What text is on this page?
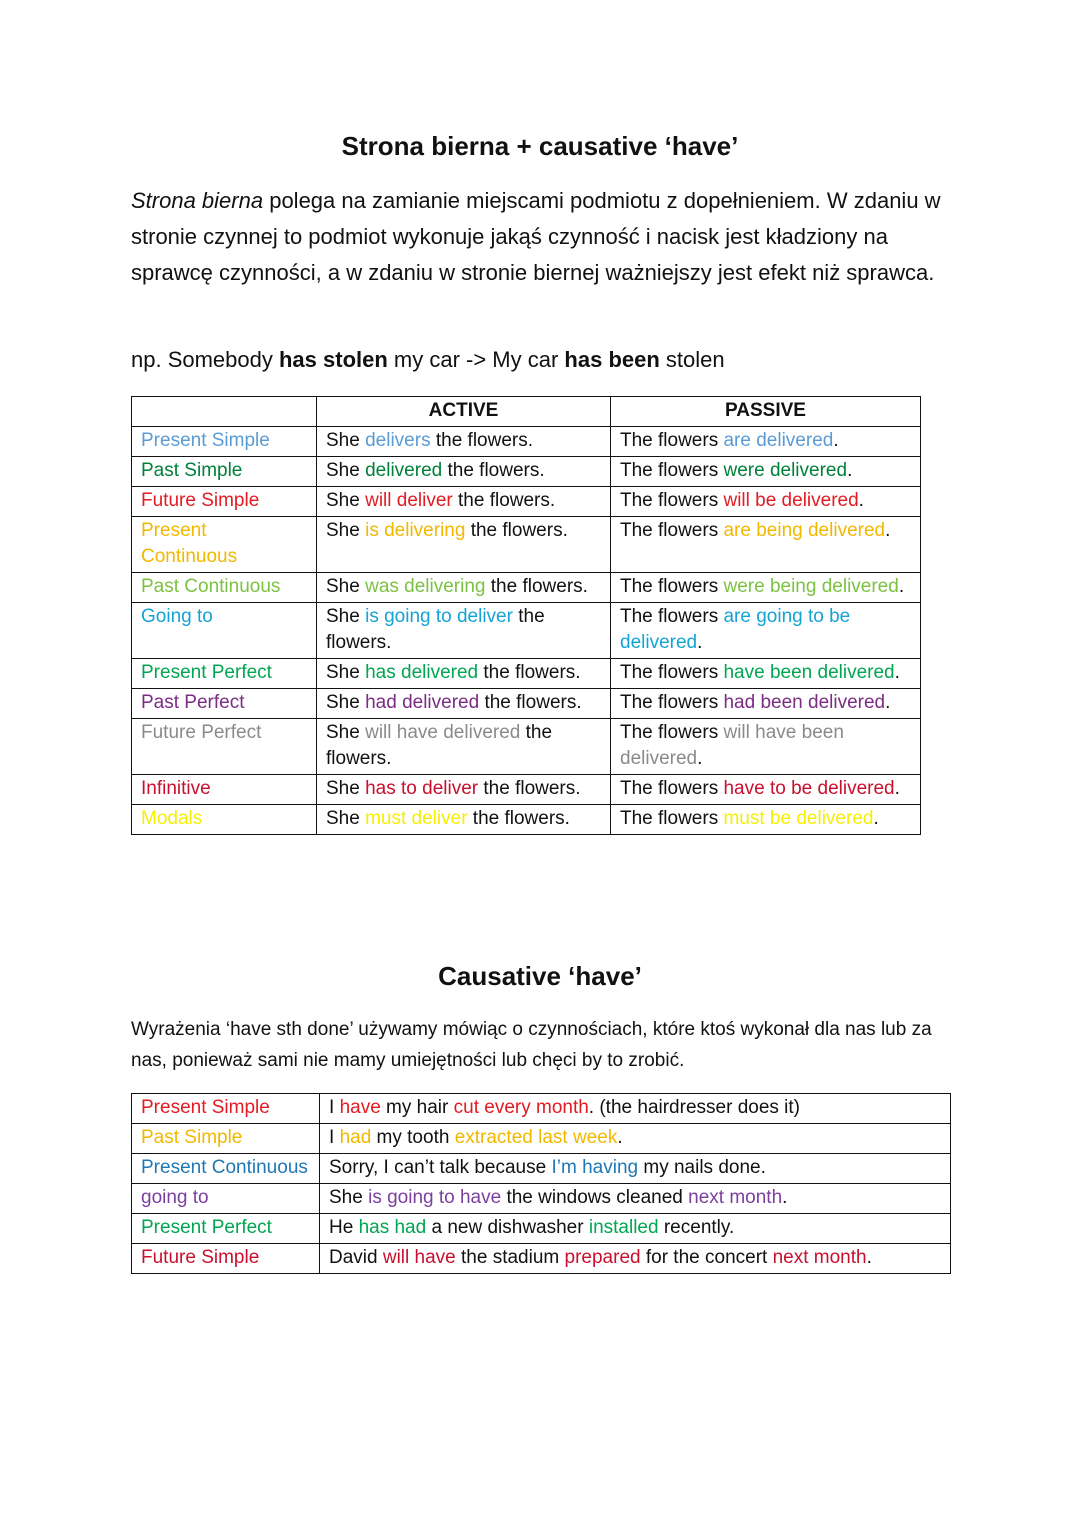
Strona bierna + causative ‘have’

Strona bierna polega na zamianie miejscami podmiotu z dopełnieniem. W zdaniu w stronie czynnej to podmiot wykonuje jakąś czynność i nacisk jest kładziony na sprawcę czynności, a w zdaniu w stronie biernej ważniejszy jest efekt niż sprawca.

np. Somebody has stolen my car -> My car has been stolen

	ACTIVE	PASSIVE
Present Simple	She delivers the flowers.	The flowers are delivered.
Past Simple	She delivered the flowers.	The flowers were delivered.
Future Simple	She will deliver the flowers.	The flowers will be delivered.
Present Continuous	She is delivering the flowers.	The flowers are being delivered.
Past Continuous	She was delivering the flowers.	The flowers were being delivered.
Going to	She is going to deliver the flowers.	The flowers are going to be delivered.
Present Perfect	She has delivered the flowers.	The flowers have been delivered.
Past Perfect	She had delivered the flowers.	The flowers had been delivered.
Future Perfect	She will have delivered the flowers.	The flowers will have been delivered.
Infinitive	She has to deliver the flowers.	The flowers have to be delivered.
Modals	She must deliver the flowers.	The flowers must be delivered.
Causative ‘have’

Wyrażenia ‘have sth done’ używamy mówiąc o czynnościach, które ktoś wykonał dla nas lub za nas, ponieważ sami nie mamy umiejętności lub chęci by to zrobić.

Present Simple	I have my hair cut every month. (the hairdresser does it)
Past Simple	I had my tooth extracted last week.
Present Continuous	Sorry, I can’t talk because I’m having my nails done.
going to	She is going to have the windows cleaned next month.
Present Perfect	He has had a new dishwasher installed recently.
Future Simple	David will have the stadium prepared for the concert next month.
